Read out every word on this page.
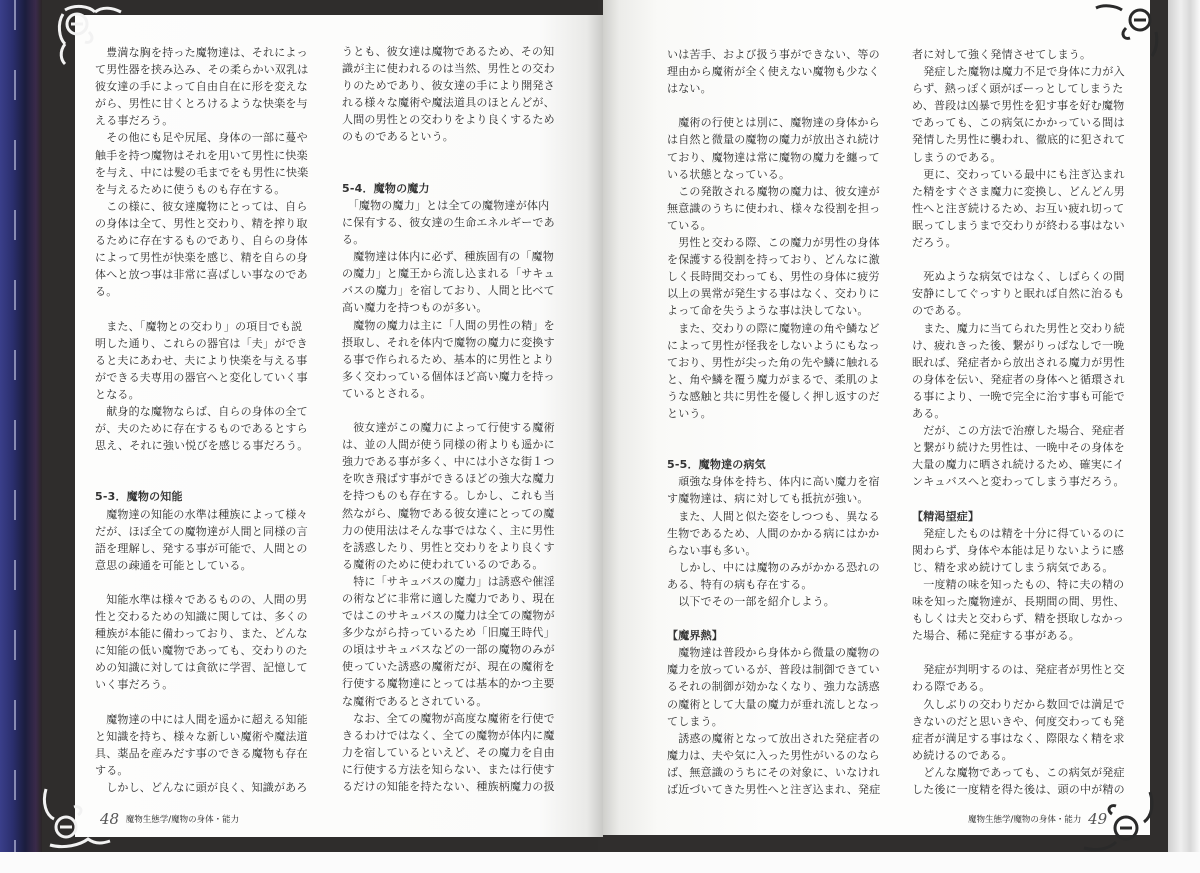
　豊満な胸を持った魔物達は、それによっ
て男性器を挟み込み、その柔らかい双乳は
彼女達の手によって自由自在に形を変えな
がら、男性に甘くとろけるような快楽を与
える事だろう。
　その他にも足や尻尾、身体の一部に蔓や
触手を持つ魔物はそれを用いて男性に快楽
を与え、中には髪の毛までをも男性に快楽
を与えるために使うものも存在する。
　この様に、彼女達魔物にとっては、自ら
の身体は全て、男性と交わり、精を搾り取
るために存在するものであり、自らの身体
によって男性が快楽を感じ、精を自らの身
体へと放つ事は非常に喜ばしい事なのであ
る。
　また、「魔物との交わり」の項目でも説
明した通り、これらの器官は「夫」ができ
ると夫にあわせ、夫により快楽を与える事
ができる夫専用の器官へと変化していく事
となる。
　献身的な魔物ならば、自らの身体の全て
が、夫のために存在するものであるとすら
思え、それに強い悦びを感じる事だろう。
5-3．魔物の知能
　魔物達の知能の水準は種族によって様々
だが、ほぼ全ての魔物達が人間と同様の言
語を理解し、発する事が可能で、人間との
意思の疎通を可能としている。
　知能水準は様々であるものの、人間の男
性と交わるための知識に関しては、多くの
種族が本能に備わっており、また、どんな
に知能の低い魔物であっても、交わりのた
めの知識に対しては貪欲に学習、記憶して
いく事だろう。
　魔物達の中には人間を遥かに超える知能
と知識を持ち、様々な新しい魔術や魔法道
具、薬品を産みだす事のできる魔物も存在
する。
　しかし、どんなに頭が良く、知識があろ
うとも、彼女達は魔物であるため、その知
識が主に使われるのは当然、男性との交わ
りのためであり、彼女達の手により開発さ
れる様々な魔術や魔法道具のほとんどが、
人間の男性との交わりをより良くするため
のものであるという。
5-4．魔物の魔力
　「魔物の魔力」とは全ての魔物達が体内
に保有する、彼女達の生命エネルギーであ
る。
　魔物達は体内に必ず、種族固有の「魔物
の魔力」と魔王から流し込まれる「サキュ
バスの魔力」を宿しており、人間と比べて
高い魔力を持つものが多い。
　魔物の魔力は主に「人間の男性の精」を
摂取し、それを体内で魔物の魔力に変換す
る事で作られるため、基本的に男性とより
多く交わっている個体ほど高い魔力を持っ
ているとされる。
　彼女達がこの魔力によって行使する魔術
は、並の人間が使う同様の術よりも遥かに
強力である事が多く、中には小さな街１つ
を吹き飛ばす事ができるほどの強大な魔力
を持つものも存在する。しかし、これも当
然ながら、魔物である彼女達にとっての魔
力の使用法はそんな事ではなく、主に男性
を誘惑したり、男性と交わりをより良くす
る魔術のために使われているのである。
　特に「サキュバスの魔力」は誘惑や催淫
の術などに非常に適した魔力であり、現在
ではこのサキュバスの魔力は全ての魔物が
多少ながら持っているため「旧魔王時代」
の頃はサキュバスなどの一部の魔物のみが
使っていた誘惑の魔術だが、現在の魔術を
行使する魔物達にとっては基本的かつ主要
な魔術であるとされている。
　なお、全ての魔物が高度な魔術を行使で
きるわけではなく、全ての魔物が体内に魔
力を宿しているといえど、その魔力を自由
に行使する方法を知らない、または行使す
るだけの知能を持たない、種族柄魔力の扱
いは苦手、および扱う事ができない、等の
理由から魔術が全く使えない魔物も少なく
はない。
　魔術の行使とは別に、魔物達の身体から
は自然と微量の魔物の魔力が放出され続け
ており、魔物達は常に魔物の魔力を纏って
いる状態となっている。
　この発散される魔物の魔力は、彼女達が
無意識のうちに使われ、様々な役割を担っ
ている。
　男性と交わる際、この魔力が男性の身体
を保護する役割を持っており、どんなに激
しく長時間交わっても、男性の身体に疲労
以上の異常が発生する事はなく、交わりに
よって命を失うような事は決してない。
　また、交わりの際に魔物達の角や鱗など
によって男性が怪我をしないようにもなっ
ており、男性が尖った角の先や鱗に触れる
と、角や鱗を覆う魔力がまるで、柔肌のよ
うな感触と共に男性を優しく押し返すのだ
という。
5-5．魔物達の病気
　頑強な身体を持ち、体内に高い魔力を宿
す魔物達は、病に対しても抵抗が強い。
　また、人間と似た姿をしつつも、異なる
生物であるため、人間のかかる病にはかか
らない事も多い。
　しかし、中には魔物のみがかかる恐れの
ある、特有の病も存在する。
　以下でその一部を紹介しよう。
【魔界熱】
　魔物達は普段から身体から微量の魔物の
魔力を放っているが、普段は制御できてい
るそれの制御が効かなくなり、強力な誘惑
の魔術として大量の魔力が垂れ流しとなっ
てしまう。
　誘惑の魔術となって放出された発症者の
魔力は、夫や気に入った男性がいるのなら
ば、無意識のうちにその対象に、いなけれ
ば近づいてきた男性へと注ぎ込まれ、発症
者に対して強く発情させてしまう。
　発症した魔物は魔力不足で身体に力が入
らず、熱っぽく頭がぼーっとしてしまうた
め、普段は凶暴で男性を犯す事を好む魔物
であっても、この病気にかかっている間は
発情した男性に襲われ、徹底的に犯されて
しまうのである。
　更に、交わっている最中にも注ぎ込まれ
た精をすぐさま魔力に変換し、どんどん男
性へと注ぎ続けるため、お互い疲れ切って
眠ってしまうまで交わりが終わる事はない
だろう。
　死ぬような病気ではなく、しばらくの間
安静にしてぐっすりと眠れば自然に治るも
のである。
　また、魔力に当てられた男性と交わり続
け、疲れきった後、繋がりっぱなしで一晩
眠れば、発症者から放出される魔力が男性
の身体を伝い、発症者の身体へと循環され
る事により、一晩で完全に治す事も可能で
ある。
　だが、この方法で治療した場合、発症者
と繋がり続けた男性は、一晩中その身体を
大量の魔力に晒され続けるため、確実にイ
ンキュバスへと変わってしまう事だろう。
【精渇望症】
　発症したものは精を十分に得ているのに
関わらず、身体や本能は足りないように感
じ、精を求め続けてしまう病気である。
　一度精の味を知ったもの、特に夫の精の
味を知った魔物達が、長期間の間、男性、
もしくは夫と交わらず、精を摂取しなかっ
た場合、稀に発症する事がある。
　発症が判明するのは、発症者が男性と交
わる際である。
　久しぶりの交わりだから数回では満足で
きないのだと思いきや、何度交わっても発
症者が満足する事はなく、際限なく精を求
め続けるのである。
　どんな魔物であっても、この病気が発症
した後に一度精を得た後は、頭の中が精の
48 魔物生態学/魔物の身体・能力	魔物生態学/魔物の身体・能力 49
